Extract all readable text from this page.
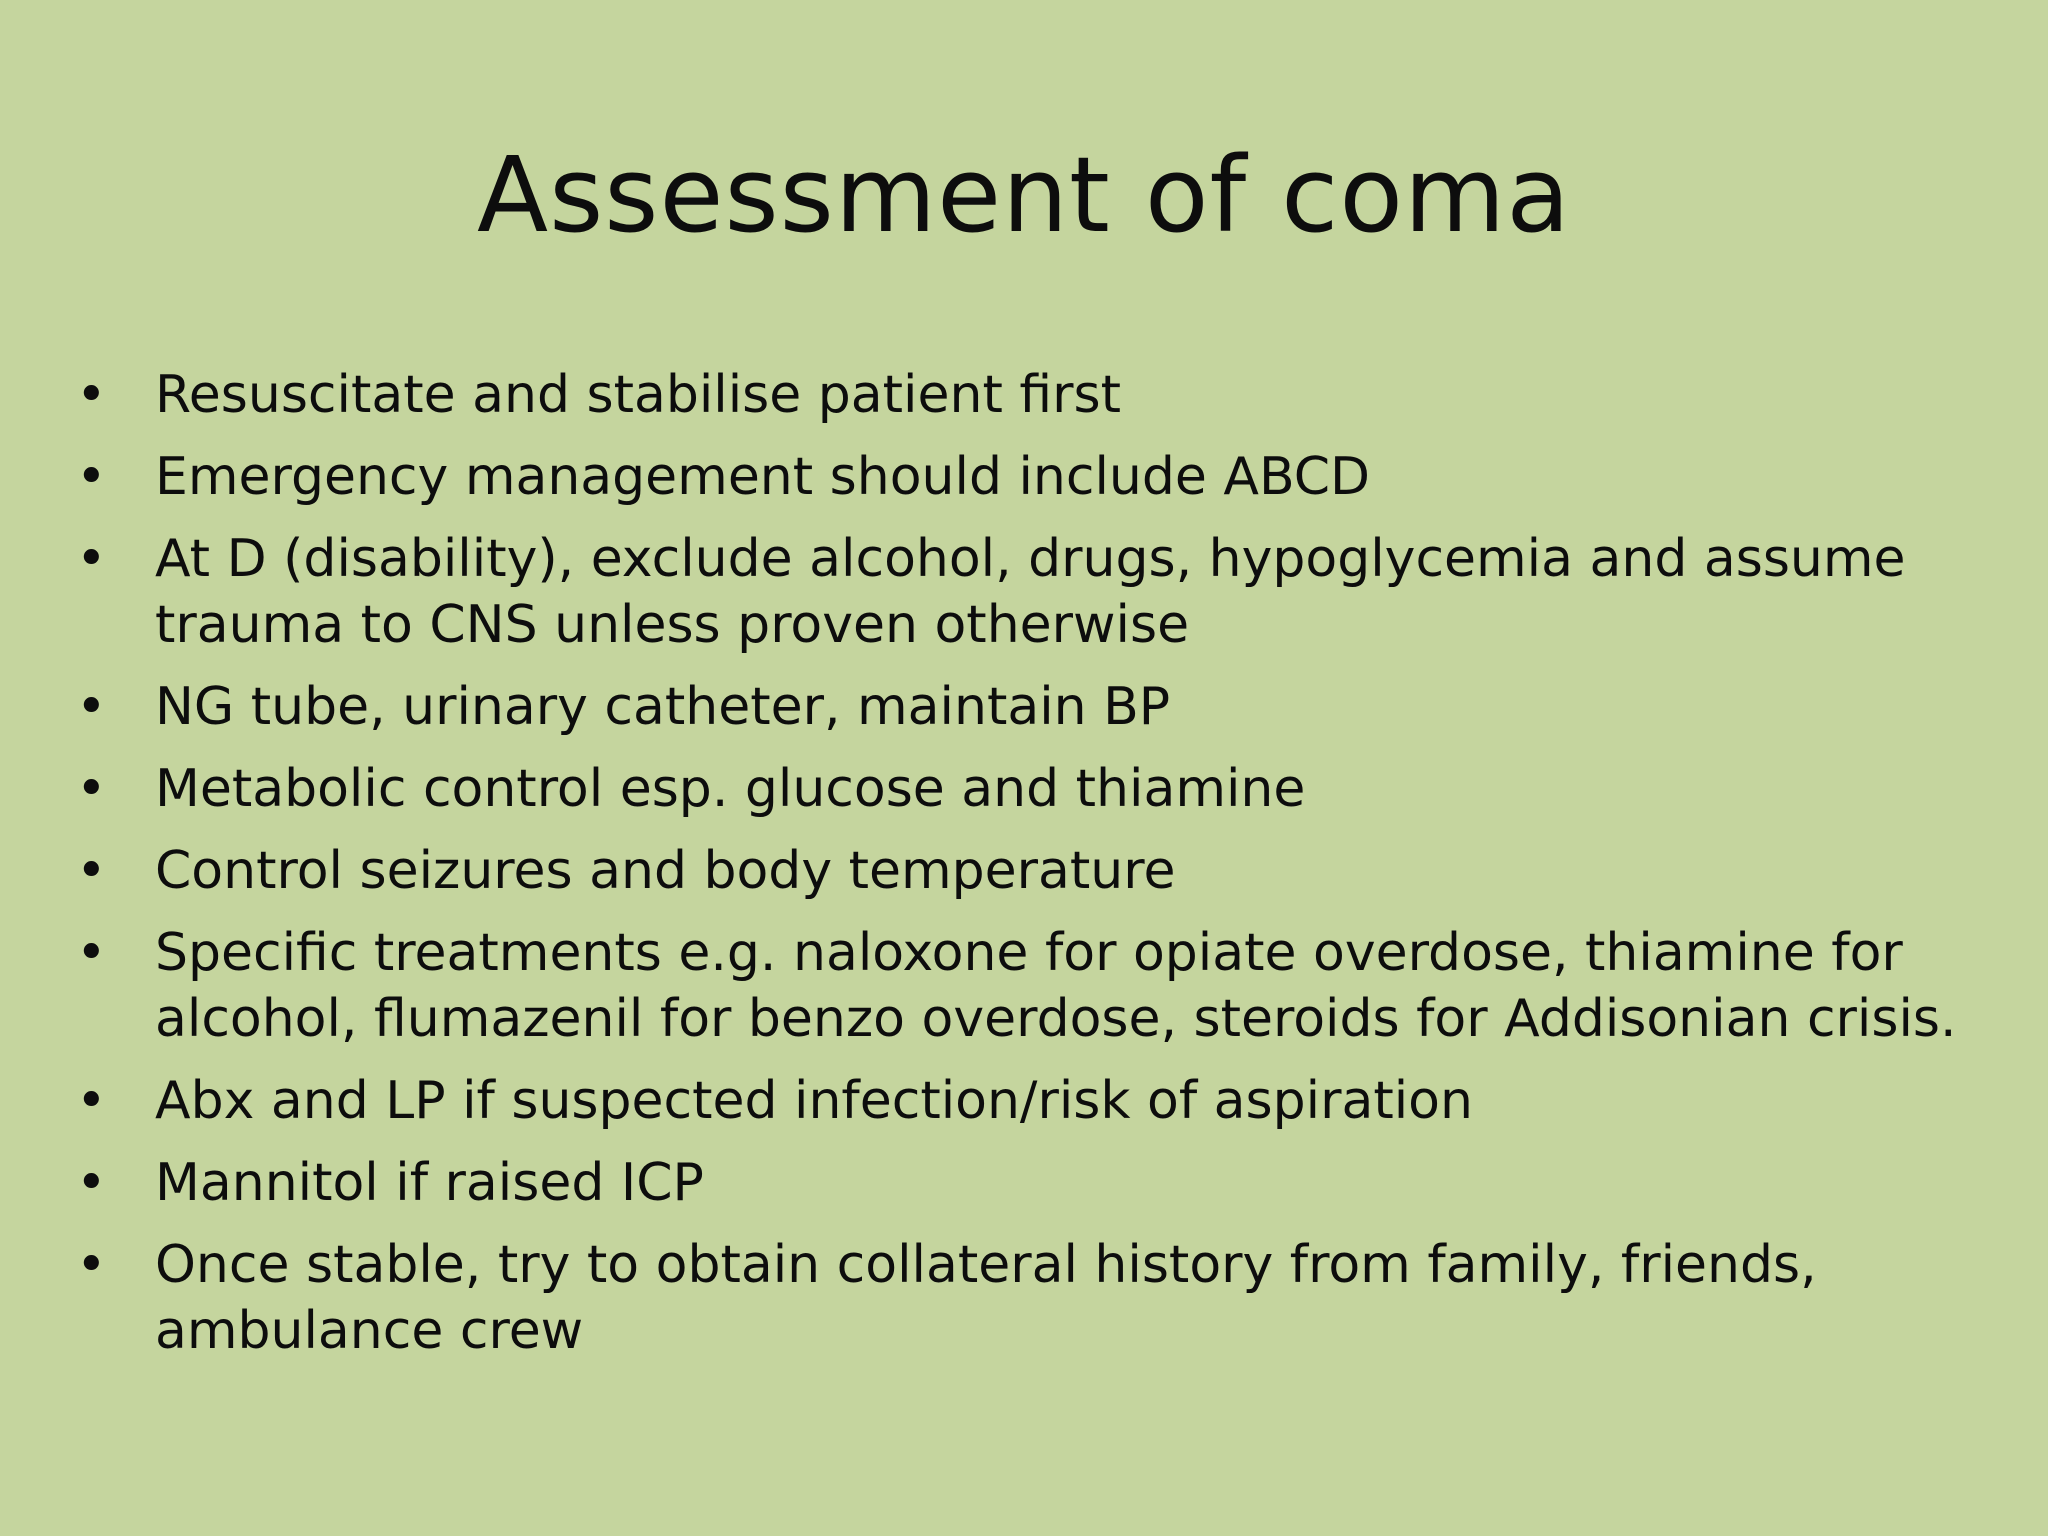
Assessment of coma
• Resuscitate and stabilise patient first
• Emergency management should include ABCD
• At D (disability), exclude alcohol, drugs, hypoglycemia and assume trauma to CNS unless proven otherwise
• NG tube, urinary catheter, maintain BP
• Metabolic control esp. glucose and thiamine
• Control seizures and body temperature
• Specific treatments e.g. naloxone for opiate overdose, thiamine for alcohol, flumazenil for benzo overdose, steroids for Addisonian crisis.
• Abx and LP if suspected infection/risk of aspiration
• Mannitol if raised ICP
• Once stable, try to obtain collateral history from family, friends, ambulance crew
